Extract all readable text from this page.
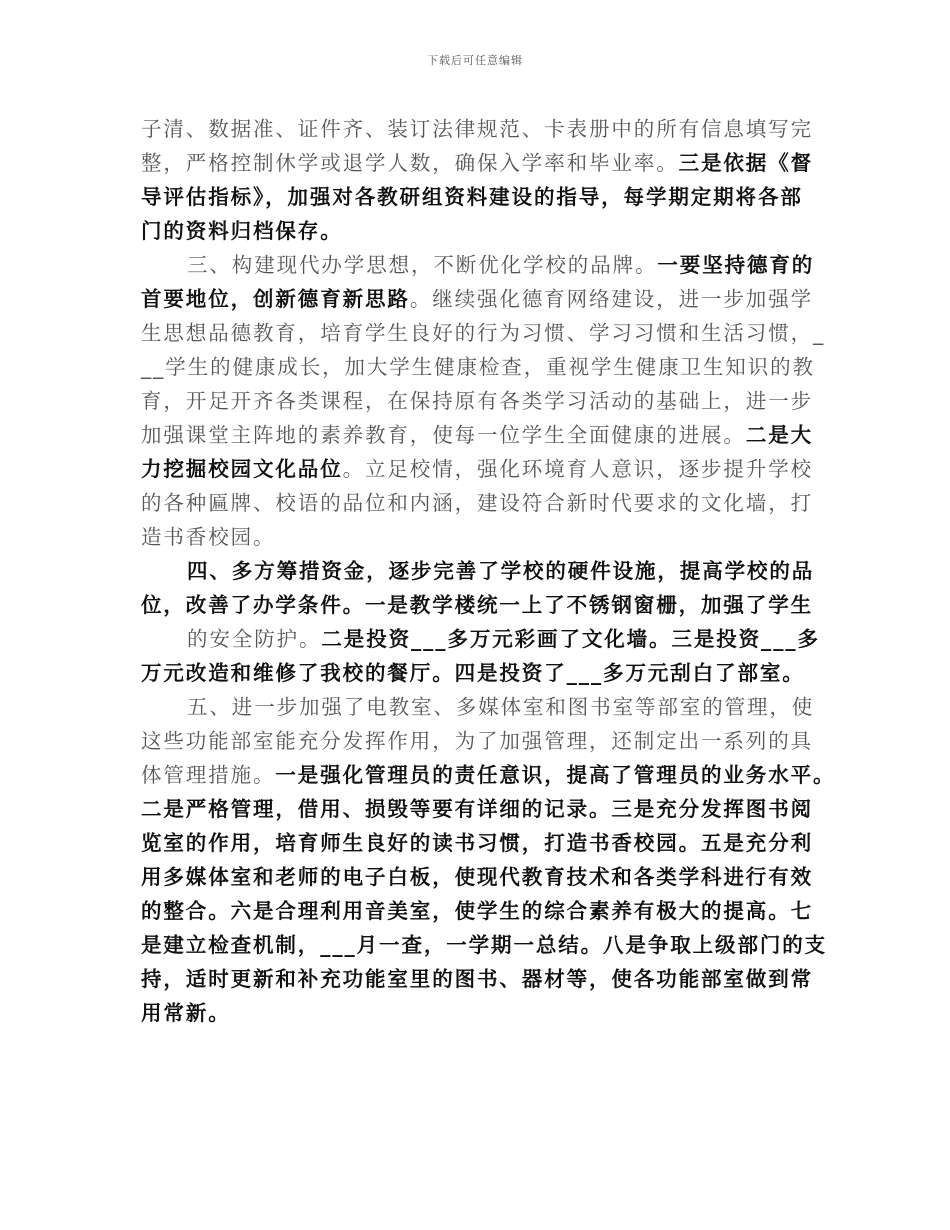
下载后可任意编辑
子清、数据准、证件齐、装订法律规范、卡表册中的所有信息填写完
整，严格控制休学或退学人数，确保入学率和毕业率。三是依据《督
导评估指标》，加强对各教研组资料建设的指导，每学期定期将各部
门的资料归档保存。
三、构建现代办学思想，不断优化学校的品牌。一要坚持德育的
首要地位，创新德育新思路。继续强化德育网络建设，进一步加强学
生思想品德教育，培育学生良好的行为习惯、学习习惯和生活习惯，_
__学生的健康成长，加大学生健康检查，重视学生健康卫生知识的教
育，开足开齐各类课程，在保持原有各类学习活动的基础上，进一步
加强课堂主阵地的素养教育，使每一位学生全面健康的进展。二是大
力挖掘校园文化品位。立足校情，强化环境育人意识，逐步提升学校
的各种匾牌、校语的品位和内涵，建设符合新时代要求的文化墙，打
造书香校园。
四、多方筹措资金，逐步完善了学校的硬件设施，提高学校的品
位，改善了办学条件。一是教学楼统一上了不锈钢窗栅，加强了学生
的安全防护。二是投资___多万元彩画了文化墙。三是投资___多
万元改造和维修了我校的餐厅。四是投资了___多万元刮白了部室。
五、进一步加强了电教室、多媒体室和图书室等部室的管理，使
这些功能部室能充分发挥作用，为了加强管理，还制定出一系列的具
体管理措施。一是强化管理员的责任意识，提高了管理员的业务水平。
二是严格管理，借用、损毁等要有详细的记录。三是充分发挥图书阅
览室的作用，培育师生良好的读书习惯，打造书香校园。五是充分利
用多媒体室和老师的电子白板，使现代教育技术和各类学科进行有效
的整合。六是合理利用音美室，使学生的综合素养有极大的提高。七
是建立检查机制，___月一查，一学期一总结。八是争取上级部门的支
持，适时更新和补充功能室里的图书、器材等，使各功能部室做到常
用常新。
